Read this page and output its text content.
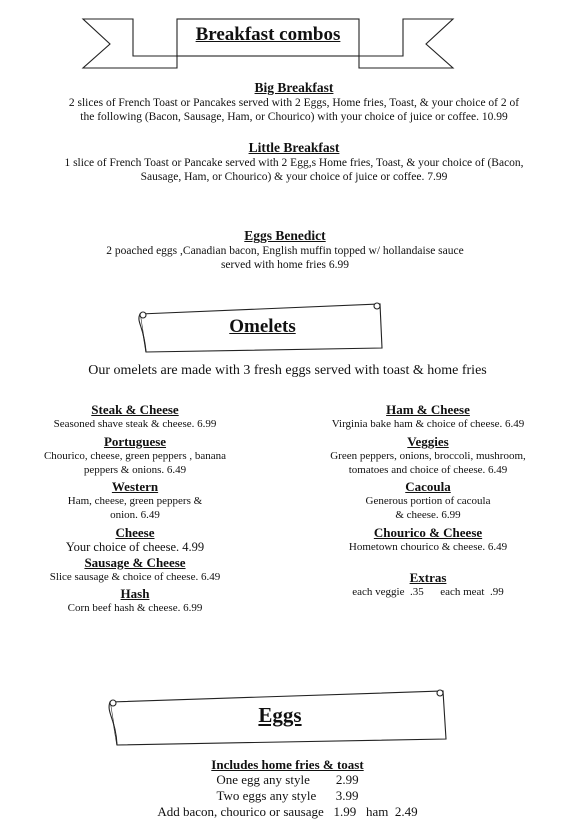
Breakfast combos
Big Breakfast
2 slices of French Toast or Pancakes served with 2 Eggs, Home fries, Toast, & your choice of 2 of
the following (Bacon, Sausage, Ham, or Chourico) with your choice of juice or coffee. 10.99
Little Breakfast
1 slice of French Toast or Pancake served with 2 Egg,s Home fries, Toast, & your choice of (Bacon,
Sausage, Ham, or Chourico) & your choice of juice or coffee. 7.99
Eggs Benedict
2 poached eggs ,Canadian bacon, English muffin topped w/ hollandaise sauce
served with home fries 6.99
Omelets
Our omelets are made with 3 fresh eggs served with toast & home fries
Steak & Cheese
Seasoned shave steak & cheese. 6.99
Portuguese
Chourico, cheese, green peppers , banana
peppers & onions. 6.49
Western
Ham, cheese, green peppers &
onion. 6.49
Cheese
Your choice of cheese. 4.99
Sausage & Cheese
Slice sausage & choice of cheese. 6.49
Hash
Corn beef hash & cheese. 6.99
Ham & Cheese
Virginia bake ham & choice of cheese. 6.49
Veggies
Green peppers, onions, broccoli, mushroom,
tomatoes and choice of cheese. 6.49
Cacoula
Generous portion of cacoula
& cheese. 6.99
Chourico & Cheese
Hometown chourico & cheese. 6.49
Extras
each veggie  .35      each meat  .99
Eggs
Includes home fries & toast
One egg any style        2.99
Two eggs any style      3.99
Add bacon, chourico or sausage   1.99   ham  2.49
